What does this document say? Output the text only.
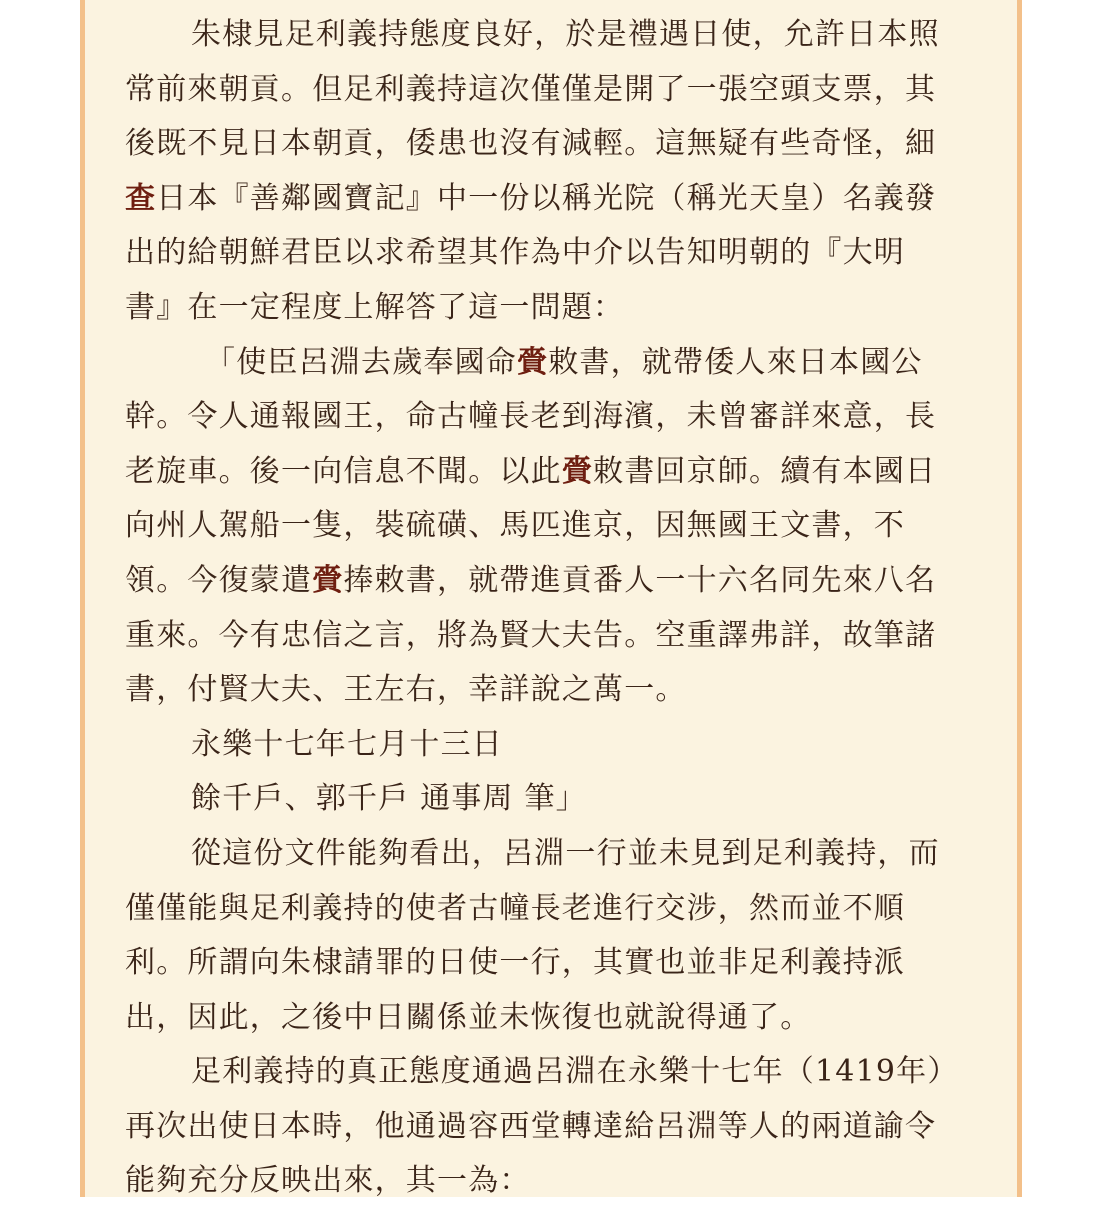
朱棣見足利義持態度良好，於是禮遇日使，允許日本照
常前來朝貢。但足利義持這次僅僅是開了一張空頭支票，其
後既不見日本朝貢，倭患也沒有減輕。這無疑有些奇怪，細
查日本『善鄰國寶記』中一份以稱光院（稱光天皇）名義發
出的給朝鮮君臣以求希望其作為中介以告知明朝的『大明
書』在一定程度上解答了這一問題：
「使臣呂淵去歲奉國命賫敕書，就帶倭人來日本國公
幹。令人通報國王，命古幢長老到海濱，未曾審詳來意，長
老旋車。後一向信息不聞。以此賫敕書回京師。續有本國日
向州人駕船一隻，裝硫磺、馬匹進京，因無國王文書，不
領。今復蒙遣賫捧敕書，就帶進貢番人一十六名同先來八名
重來。今有忠信之言，將為賢大夫告。空重譯弗詳，故筆諸
書，付賢大夫、王左右，幸詳說之萬一。
永樂十七年七月十三日
餘千戶、郭千戶 通事周 筆」
從這份文件能夠看出，呂淵一行並未見到足利義持，而
僅僅能與足利義持的使者古幢長老進行交涉，然而並不順
利。所謂向朱棣請罪的日使一行，其實也並非足利義持派
出，因此，之後中日關係並未恢復也就說得通了。
足利義持的真正態度通過呂淵在永樂十七年（1419年）
再次出使日本時，他通過容西堂轉達給呂淵等人的兩道諭令
能夠充分反映出來，其一為：
